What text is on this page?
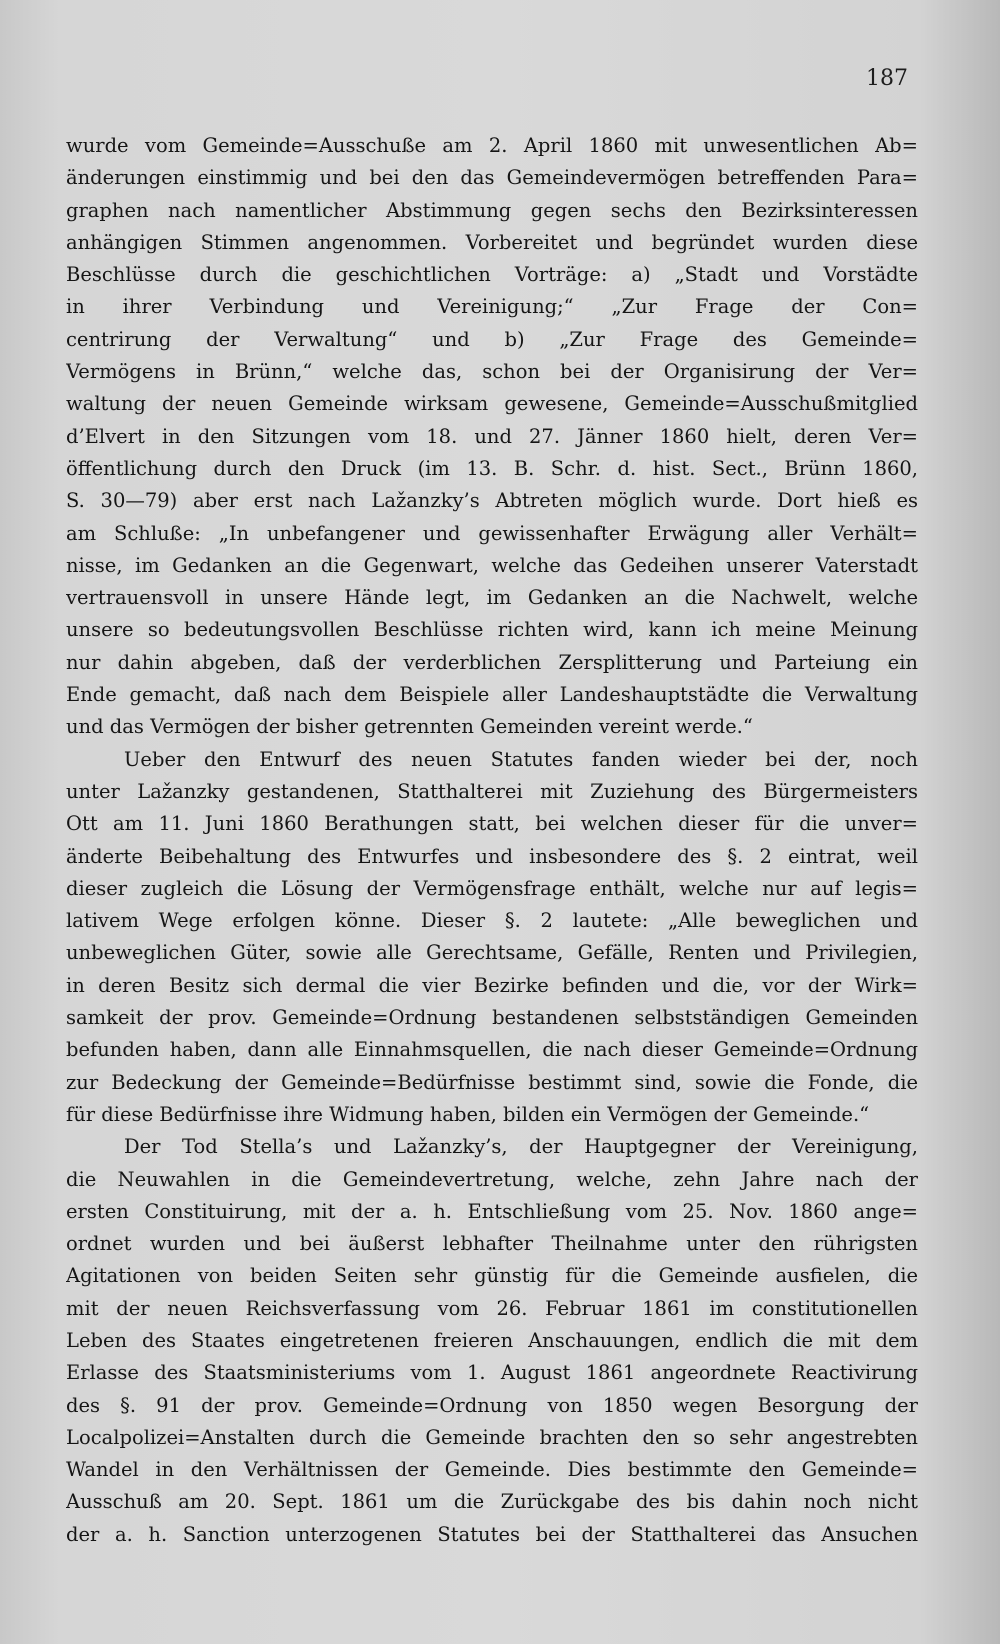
187
wurde vom Gemeinde=Ausschuße am 2. April 1860 mit unwesentlichen Ab=
änderungen einstimmig und bei den das Gemeindevermögen betreffenden Para=
graphen nach namentlicher Abstimmung gegen sechs den Bezirksinteressen
anhängigen Stimmen angenommen. Vorbereitet und begründet wurden diese
Beschlüsse durch die geschichtlichen Vorträge: a) „Stadt und Vorstädte
in ihrer Verbindung und Vereinigung;“ „Zur Frage der Con=
centrirung der Verwaltung“ und b) „Zur Frage des Gemeinde=
Vermögens in Brünn,“ welche das, schon bei der Organisirung der Ver=
waltung der neuen Gemeinde wirksam gewesene, Gemeinde=Ausschußmitglied
d’Elvert in den Sitzungen vom 18. und 27. Jänner 1860 hielt, deren Ver=
öffentlichung durch den Druck (im 13. B. Schr. d. hist. Sect., Brünn 1860,
S. 30—79) aber erst nach Lažanzky’s Abtreten möglich wurde. Dort hieß es
am Schluße: „In unbefangener und gewissenhafter Erwägung aller Verhält=
nisse, im Gedanken an die Gegenwart, welche das Gedeihen unserer Vaterstadt
vertrauensvoll in unsere Hände legt, im Gedanken an die Nachwelt, welche
unsere so bedeutungsvollen Beschlüsse richten wird, kann ich meine Meinung
nur dahin abgeben, daß der verderblichen Zersplitterung und Parteiung ein
Ende gemacht, daß nach dem Beispiele aller Landeshauptstädte die Verwaltung
und das Vermögen der bisher getrennten Gemeinden vereint werde.“
Ueber den Entwurf des neuen Statutes fanden wieder bei der, noch
unter Lažanzky gestandenen, Statthalterei mit Zuziehung des Bürgermeisters
Ott am 11. Juni 1860 Berathungen statt, bei welchen dieser für die unver=
änderte Beibehaltung des Entwurfes und insbesondere des §. 2 eintrat, weil
dieser zugleich die Lösung der Vermögensfrage enthält, welche nur auf legis=
lativem Wege erfolgen könne. Dieser §. 2 lautete: „Alle beweglichen und
unbeweglichen Güter, sowie alle Gerechtsame, Gefälle, Renten und Privilegien,
in deren Besitz sich dermal die vier Bezirke befinden und die, vor der Wirk=
samkeit der prov. Gemeinde=Ordnung bestandenen selbstständigen Gemeinden
befunden haben, dann alle Einnahmsquellen, die nach dieser Gemeinde=Ordnung
zur Bedeckung der Gemeinde=Bedürfnisse bestimmt sind, sowie die Fonde, die
für diese Bedürfnisse ihre Widmung haben, bilden ein Vermögen der Gemeinde.“
Der Tod Stella’s und Lažanzky’s, der Hauptgegner der Vereinigung,
die Neuwahlen in die Gemeindevertretung, welche, zehn Jahre nach der
ersten Constituirung, mit der a. h. Entschließung vom 25. Nov. 1860 ange=
ordnet wurden und bei äußerst lebhafter Theilnahme unter den rührigsten
Agitationen von beiden Seiten sehr günstig für die Gemeinde ausfielen, die
mit der neuen Reichsverfassung vom 26. Februar 1861 im constitutionellen
Leben des Staates eingetretenen freieren Anschauungen, endlich die mit dem
Erlasse des Staatsministeriums vom 1. August 1861 angeordnete Reactivirung
des §. 91 der prov. Gemeinde=Ordnung von 1850 wegen Besorgung der
Localpolizei=Anstalten durch die Gemeinde brachten den so sehr angestrebten
Wandel in den Verhältnissen der Gemeinde. Dies bestimmte den Gemeinde=
Ausschuß am 20. Sept. 1861 um die Zurückgabe des bis dahin noch nicht
der a. h. Sanction unterzogenen Statutes bei der Statthalterei das Ansuchen
